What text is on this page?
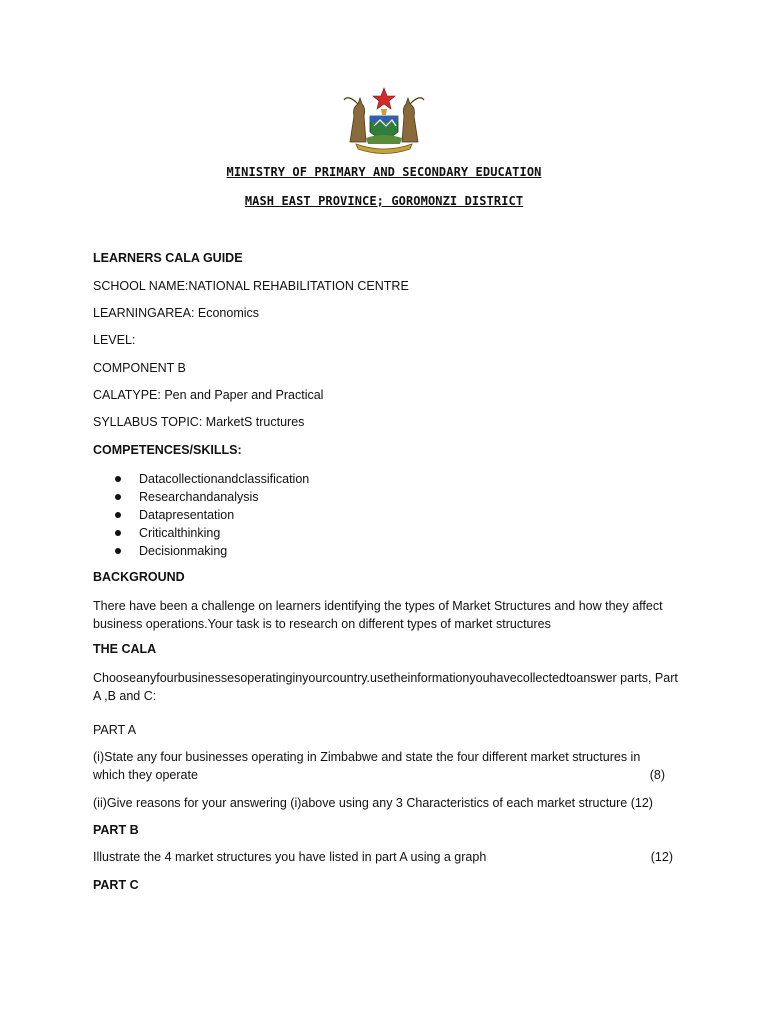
MINISTRY OF PRIMARY AND SECONDARY EDUCATION
MASH EAST PROVINCE; GOROMONZI DISTRICT
LEARNERS CALA GUIDE
SCHOOL NAME:NATIONAL REHABILITATION CENTRE
LEARNINGAREA: Economics
LEVEL:
COMPONENT B
CALATYPE: Pen and Paper and Practical
SYLLABUS TOPIC: MarketS tructures
COMPETENCES/SKILLS:
Datacollectionandclassification
Researchandanalysis
Datapresentation
Criticalthinking
Decisionmaking
BACKGROUND
There have been a challenge on learners identifying the types of Market Structures and how they affect business operations.Your task is to research on different types of market structures
THE CALA
Chooseanyfourbusinessesoperatinginyourcountry.usetheinformationyouhavecollectedtoanswer parts, PartA ,B and C:
PART A
(i)State any four businesses operating in Zimbabwe and state the four different market structures in
which they operate	(8)
(ii)Give reasons for your answering (i)above using any 3 Characteristics of each market structure (12)
PART B
Illustrate the 4 market structures you have listed in part A using a graph	(12)
PART C
